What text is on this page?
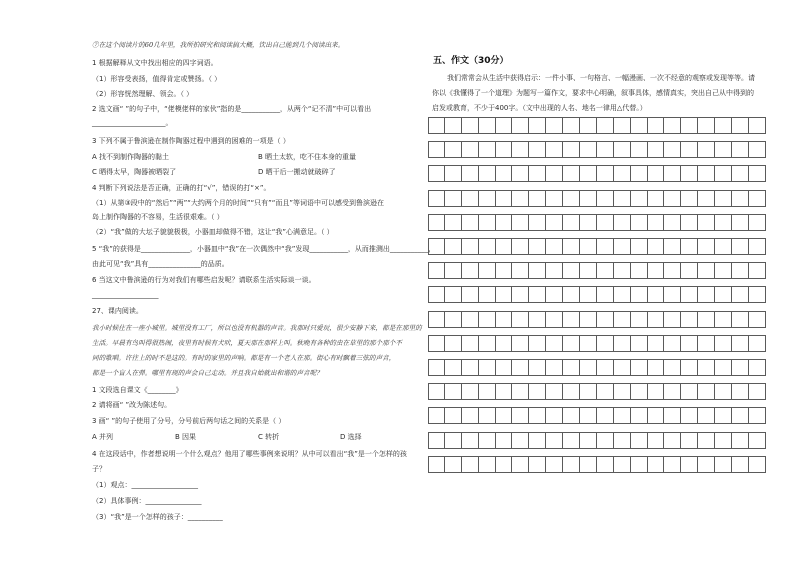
⑦在这个阅读片的60几年里，我所拍研究和阅读搞大概，饮出自己能到几个阅读出来。
1 根据解释从文中找出相应的四字词语。
（1）形容受表扬，值得肯定或赞扬。（ ）
（2）形容恍然理解、领会。（ ）
2 选文画“ ”的句子中，“佬模佬样的家伙”指的是___________，从两个“记不清”中可以看出
_____________________。
3 下列不属于鲁滨逊在制作陶器过程中遇到的困难的一项是（ ）
A 找不到制作陶器的黏土	B 晒土太软，吃不住本身的重量
C 晒得太早，陶器被晒裂了	D 晒干后一搬动就破碎了
4 判断下列说法是否正确，正确的打“√”，错误的打“×”。
（1）从第③段中的“然后”“两”“大约两个月的时间”“只有”“而且”等词语中可以感受到鲁滨逊在
岛上制作陶器的不容易，生活很艰难。（ ）
（2）“我”做的大坛子貌貌极极，小器皿却做得不错，这让“我”心满意足。（ ）
5 “我”的获得是______________，小器皿中“我”在一次偶然中“我”发现___________，从而推测出___________，
由此可见“我”具有_______________的品质。
6 当这文中鲁滨逊的行为对我们有哪些启发呢？请联系生活实际谈一谈。
___________________
27、课内阅读。
我小时候住在一座小城里。城里没有工厂，所以也没有机器的声音。我那时只爱玩，很少安静下来，都是在那里的
生活。早晨有鸟叫得很热闹，夜里有时候有犬吠，夏天那在那样上叫。秋晚有各种的虫在草里的那个那个不
同的歌唱。许往上的时不是这的。有时的家里的声响。都是有一个老人在那。街心有时飘着三弦的声音，
都是一个盲人在弹。哪里有现的声会自己走动。并且我自始就出和谐的声音呢？
1 文段选自课文《________》
2 请将画“ ”改为陈述句。
3 画“ ”的句子使用了分号，分号前后两句话之间的关系是（ ）
A 并列	B 因果	C 转折	D 选择
4 在这段话中，作者想说明一个什么观点？他用了哪些事例来说明？从中可以看出“我”是一个怎样的孩
子？
（1）观点：___________________
（2）具体事例：________________
（3）“我”是一个怎样的孩子：__________
五、作文（30分）
我们常常会从生活中获得启示：一件小事、一句格言、一幅漫画、一次不经意的观察或发现等等。请
你以《我懂得了一个道理》为题写一篇作文，要求中心明确，叙事具体，感情真实，突出自己从中得到的
启发或教育，不少于400字。（文中出现的人名、地名一律用△代替。）
